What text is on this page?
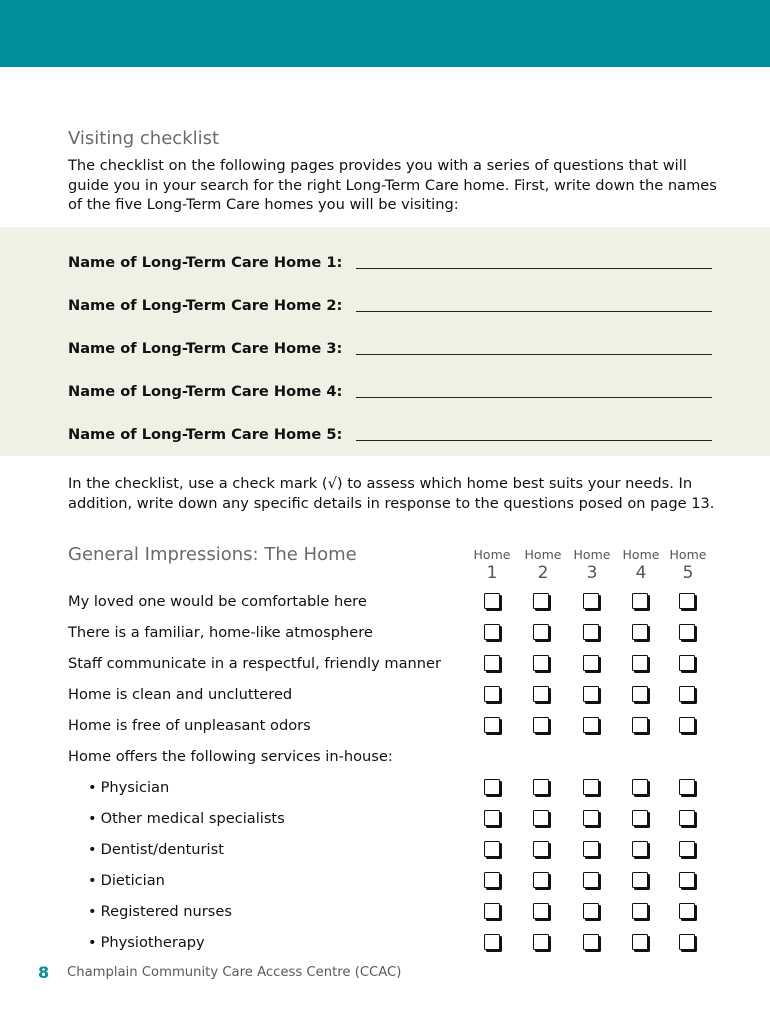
Visiting checklist
The checklist on the following pages provides you with a series of questions that will guide you in your search for the right Long-Term Care home. First, write down the names of the five Long-Term Care homes you will be visiting:
Name of Long-Term Care Home 1:
Name of Long-Term Care Home 2:
Name of Long-Term Care Home 3:
Name of Long-Term Care Home 4:
Name of Long-Term Care Home 5:
In the checklist, use a check mark (√) to assess which home best suits your needs. In addition, write down any specific details in response to the questions posed on page 13.
General Impressions: The Home	Home
1
Home
2
Home
3
Home
4
Home
5
My loved one would be comfortable here
There is a familiar, home-like atmosphere
Staff communicate in a respectful, friendly manner
Home is clean and uncluttered
Home is free of unpleasant odors
Home offers the following services in-house:
• Physician
• Other medical specialists
• Dentist/denturist
• Dietician
• Registered nurses
• Physiotherapy
8 Champlain Community Care Access Centre (CCAC)
